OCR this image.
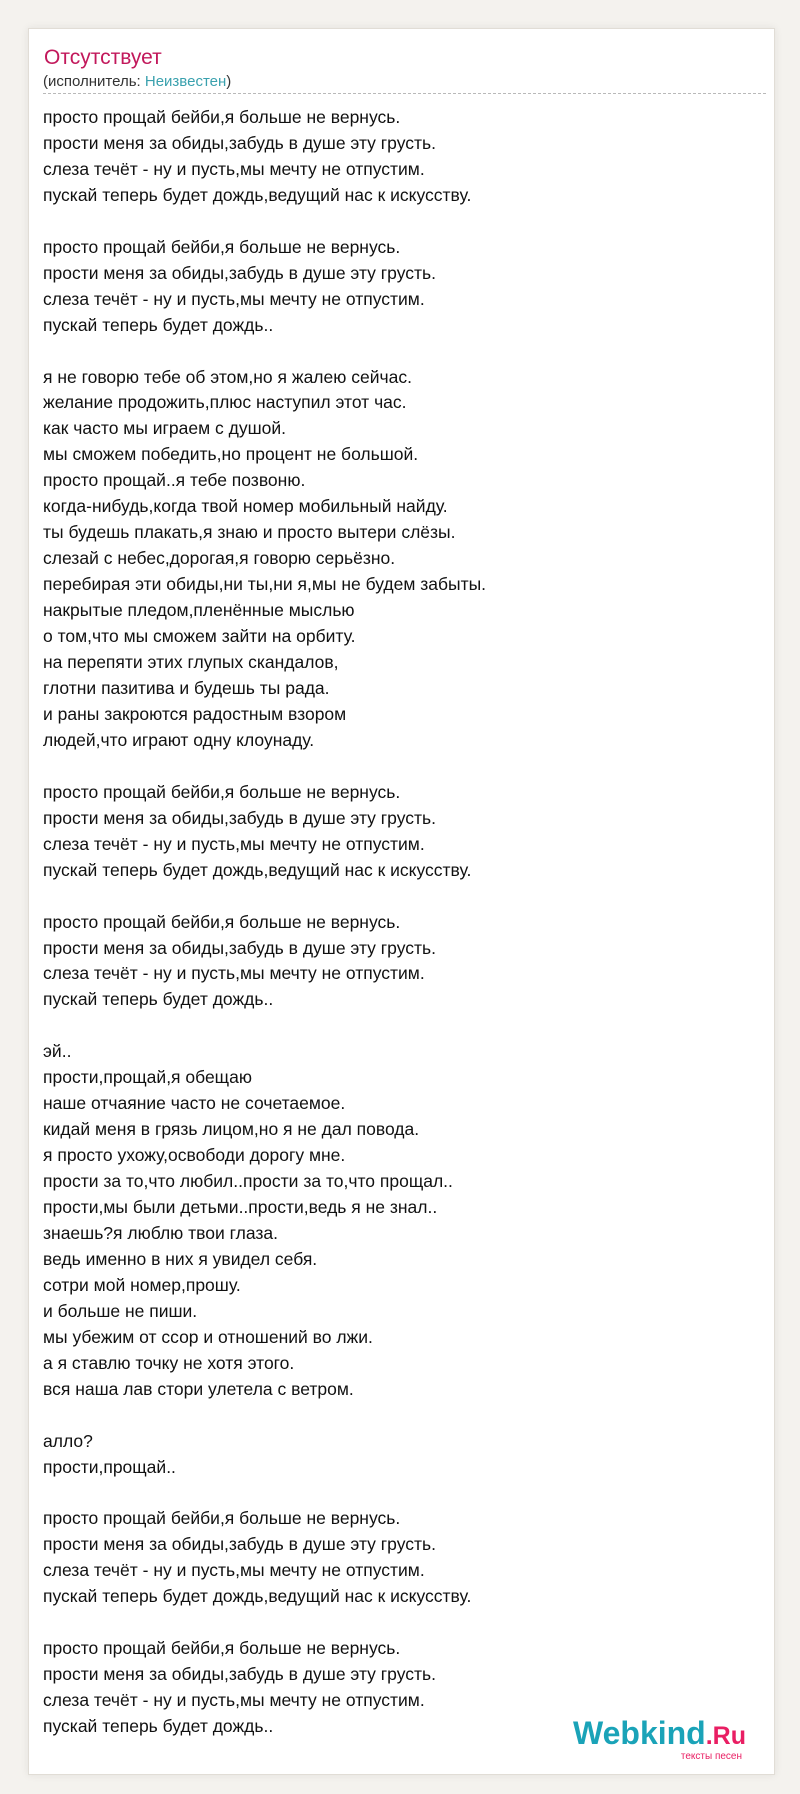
Отсутствует
(исполнитель: Неизвестен)
просто прощай бейби,я больше не вернусь.
прости меня за обиды,забудь в душе эту грусть.
слеза течёт - ну и пусть,мы мечту не отпустим.
пускай теперь будет дождь,ведущий нас к искусству.

просто прощай бейби,я больше не вернусь.
прости меня за обиды,забудь в душе эту грусть.
слеза течёт - ну и пусть,мы мечту не отпустим.
пускай теперь будет дождь..

я не говорю тебе об этом,но я жалею сейчас.
желание продожить,плюс наступил этот час.
как часто мы играем с душой.
мы сможем победить,но процент не большой.
просто прощай..я тебе позвоню.
когда-нибудь,когда твой номер мобильный найду.
ты будешь плакать,я знаю и просто вытери слёзы.
слезай с небес,дорогая,я говорю серьёзно.
перебирая эти обиды,ни ты,ни я,мы не будем забыты.
накрытые пледом,пленённые мыслью
о том,что мы сможем зайти на орбиту.
на перепяти этих глупых скандалов,
глотни пазитива и будешь ты рада.
и раны закроются радостным взором
людей,что играют одну клоунаду.

просто прощай бейби,я больше не вернусь.
прости меня за обиды,забудь в душе эту грусть.
слеза течёт - ну и пусть,мы мечту не отпустим.
пускай теперь будет дождь,ведущий нас к искусству.

просто прощай бейби,я больше не вернусь.
прости меня за обиды,забудь в душе эту грусть.
слеза течёт - ну и пусть,мы мечту не отпустим.
пускай теперь будет дождь..

эй..
прости,прощай,я обещаю
наше отчаяние часто не сочетаемое.
кидай меня в грязь лицом,но я не дал повода.
я просто ухожу,освободи дорогу мне.
прости за то,что любил..прости за то,что прощал..
прости,мы были детьми..прости,ведь я не знал..
знаешь?я люблю твои глаза.
ведь именно в них я увидел себя.
сотри мой номер,прошу.
и больше не пиши.
мы убежим от ссор и отношений во лжи.
а я ставлю точку не хотя этого.
вся наша лав стори улетела с ветром.

алло?
прости,прощай..

просто прощай бейби,я больше не вернусь.
прости меня за обиды,забудь в душе эту грусть.
слеза течёт - ну и пусть,мы мечту не отпустим.
пускай теперь будет дождь,ведущий нас к искусству.

просто прощай бейби,я больше не вернусь.
прости меня за обиды,забудь в душе эту грусть.
слеза течёт - ну и пусть,мы мечту не отпустим.
пускай теперь будет дождь..	Webkind.Ru
тексты песен
